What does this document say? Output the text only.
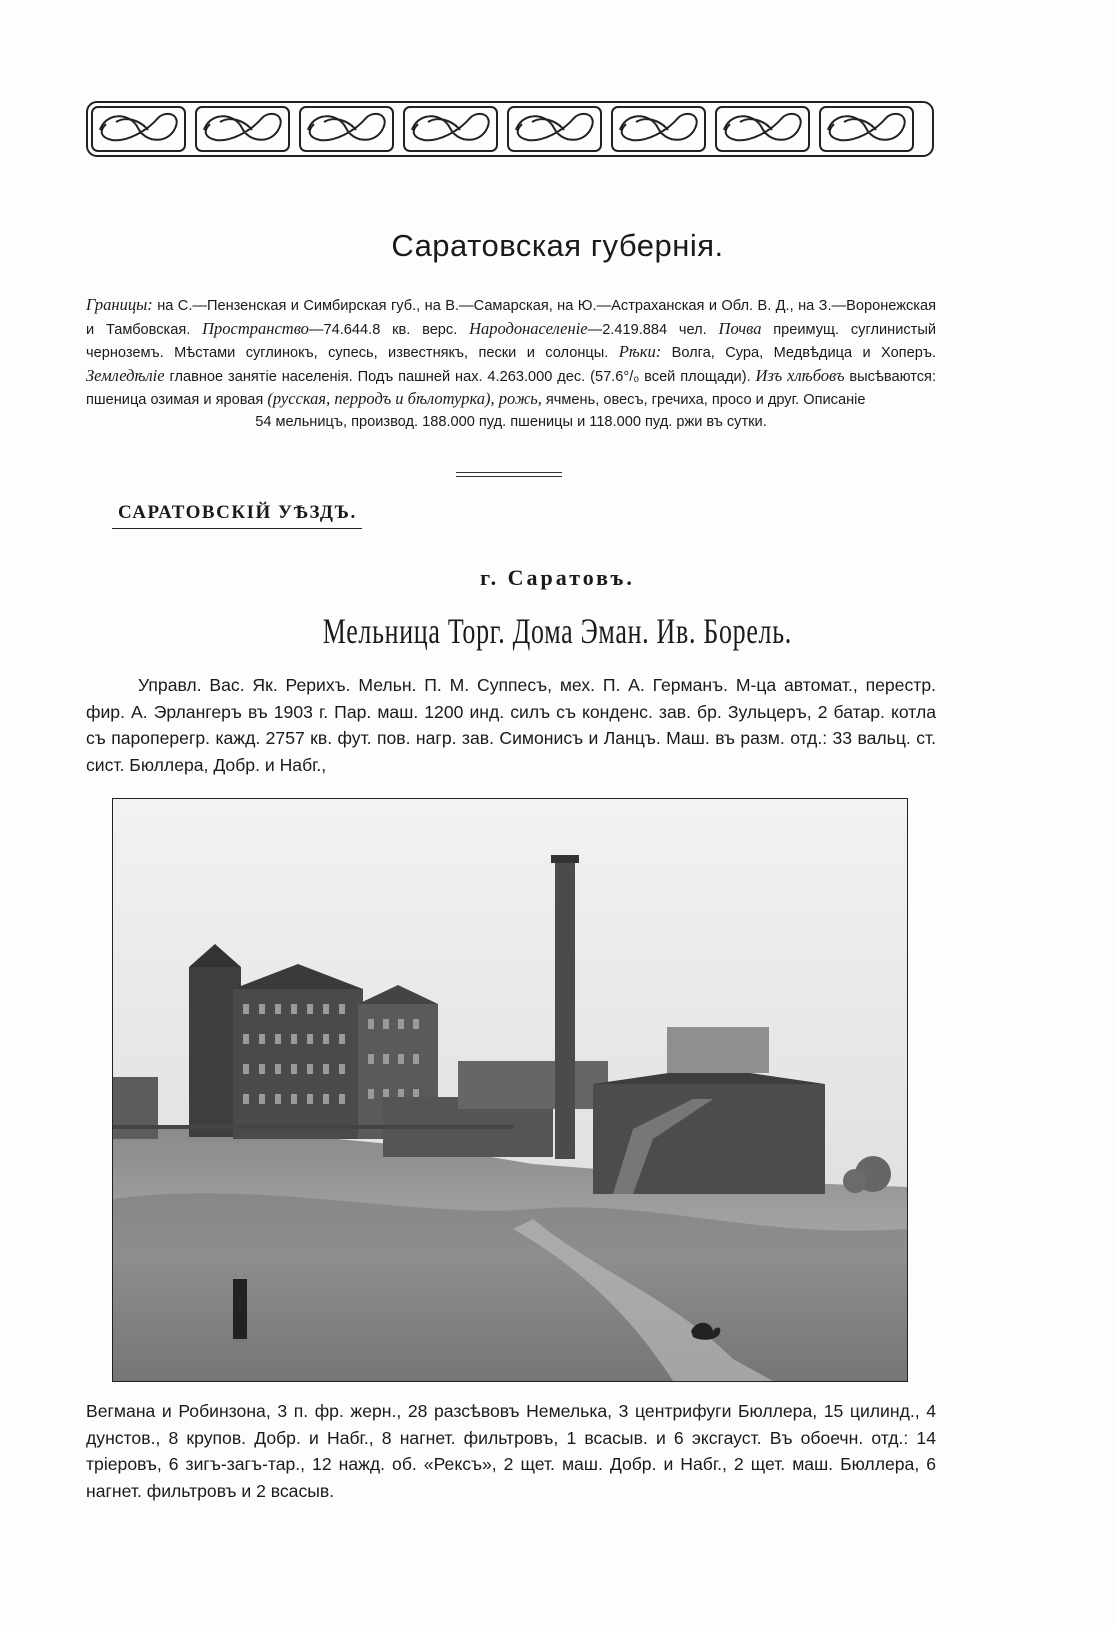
Саратовская губернія.
Границы: на С.—Пензенская и Симбирская губ., на В.—Самарская, на Ю.—Астраханская и Обл. В. Д., на З.—Воронежская и Тамбовская. Пространство—74.644.8 кв. верс. Народонаселеніе—2.419.884 чел. Почва преимущ. суглинистый черноземъ. Мѣстами суглинокъ, супесь, известнякъ, пески и солонцы. Рѣки: Волга, Сура, Медвѣдица и Хоперъ. Земледѣліе главное занятіе населенія. Подъ пашней нах. 4.263.000 дес. (57.6°/₀ всей площади). Изъ хлѣбовъ высѣваются: пшеница озимая и яровая (русская, перродъ и бѣлотурка), рожь, ячмень, овесъ, гречиха, просо и друг. Описаніе
54 мельницъ, производ. 188.000 пуд. пшеницы и 118.000 пуд. ржи въ сутки.
САРАТОВСКІЙ УѢЗДЪ.
г. Саратовъ.
Мельница Торг. Дома Эман. Ив. Борель.
Управл. Вас. Як. Рерихъ. Мельн. П. М. Суппесъ, мех. П. А. Германъ. М-ца автомат., перестр. фир. А. Эрлангеръ въ 1903 г. Пар. маш. 1200 инд. силъ съ конденс. зав. бр. Зульцеръ, 2 батар. котла съ пароперегр. кажд. 2757 кв. фут. пов. нагр. зав. Симонисъ и Ланцъ. Маш. въ разм. отд.: 33 вальц. ст. сист. Бюллера, Добр. и Набг.,
Вегмана и Робинзона, 3 п. фр. жерн., 28 разсѣвовъ Немелька, 3 центрифуги Бюллера, 15 цилинд., 4 дунстов., 8 крупов. Добр. и Набг., 8 нагнет. фильтровъ, 1 всасыв. и 6 эксгауст. Въ обоечн. отд.: 14 тріеровъ, 6 зигъ-загъ-тар., 12 нажд. об. «Рексъ», 2 щет. маш. Добр. и Набг., 2 щет. маш. Бюллера, 6 нагнет. фильтровъ и 2 всасыв.
